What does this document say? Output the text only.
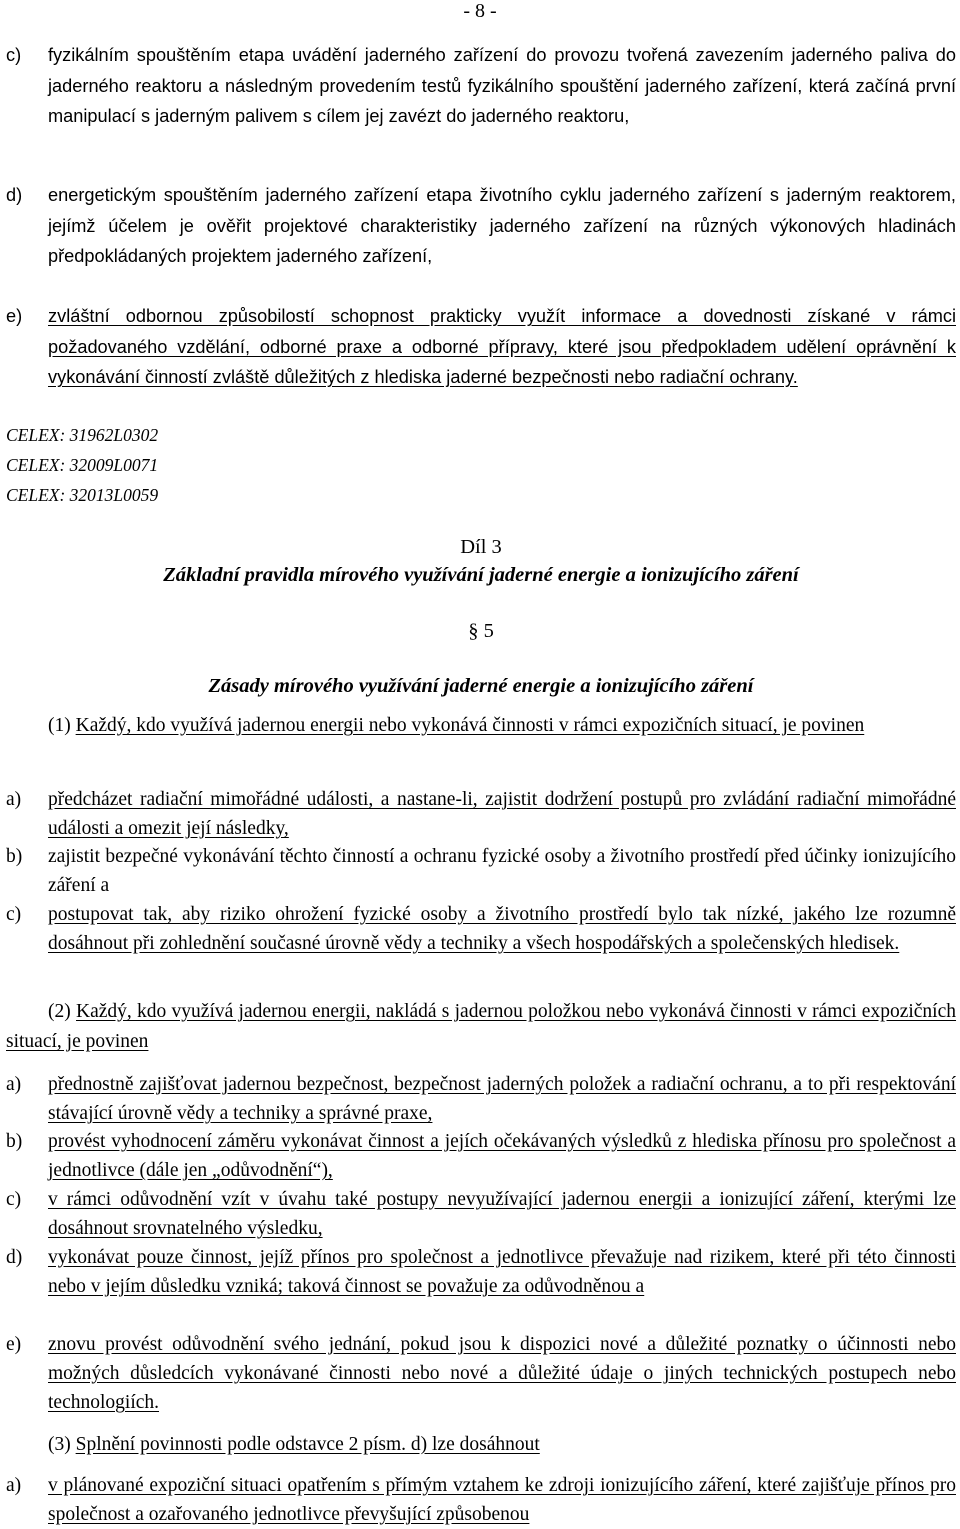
- 8 -
c) fyzikálním spouštěním etapa uvádění jaderného zařízení do provozu tvořená zavezením jaderného paliva do jaderného reaktoru a následným provedením testů fyzikálního spouštění jaderného zařízení, která začíná první manipulací s jaderným palivem s cílem jej zavézt do jaderného reaktoru,
d) energetickým spouštěním jaderného zařízení etapa životního cyklu jaderného zařízení s jaderným reaktorem, jejímž účelem je ověřit projektové charakteristiky jaderného zařízení na různých výkonových hladinách předpokládaných projektem jaderného zařízení,
e) zvláštní odbornou způsobilostí schopnost prakticky využít informace a dovednosti získané v rámci požadovaného vzdělání, odborné praxe a odborné přípravy, které jsou předpokladem udělení oprávnění k vykonávání činností zvláště důležitých z hlediska jaderné bezpečnosti nebo radiační ochrany.
CELEX: 31962L0302
CELEX: 32009L0071
CELEX: 32013L0059
Díl 3
Základní pravidla mírového využívání jaderné energie a ionizujícího záření
§ 5
Zásady mírového využívání jaderné energie a ionizujícího záření
(1) Každý, kdo využívá jadernou energii nebo vykonává činnosti v rámci expozičních situací, je povinen
a) předcházet radiační mimořádné události, a nastane-li, zajistit dodržení postupů pro zvládání radiační mimořádné události a omezit její následky,
b) zajistit bezpečné vykonávání těchto činností a ochranu fyzické osoby a životního prostředí před účinky ionizujícího záření a
c) postupovat tak, aby riziko ohrožení fyzické osoby a životního prostředí bylo tak nízké, jakého lze rozumně dosáhnout při zohlednění současné úrovně vědy a techniky a všech hospodářských a společenských hledisek.
(2) Každý, kdo využívá jadernou energii, nakládá s jadernou položkou nebo vykonává činnosti v rámci expozičních situací, je povinen
a) přednostně zajišťovat jadernou bezpečnost, bezpečnost jaderných položek a radiační ochranu, a to při respektování stávající úrovně vědy a techniky a správné praxe,
b) provést vyhodnocení záměru vykonávat činnost a jejích očekávaných výsledků z hlediska přínosu pro společnost a jednotlivce (dále jen „odůvodnění“),
c) v rámci odůvodnění vzít v úvahu také postupy nevyužívající jadernou energii a ionizující záření, kterými lze dosáhnout srovnatelného výsledku,
d) vykonávat pouze činnost, jejíž přínos pro společnost a jednotlivce převažuje nad rizikem, které při této činnosti nebo v jejím důsledku vzniká; taková činnost se považuje za odůvodněnou a
e) znovu provést odůvodnění svého jednání, pokud jsou k dispozici nové a důležité poznatky o účinnosti nebo možných důsledcích vykonávané činnosti nebo nové a důležité údaje o jiných technických postupech nebo technologiích.
(3) Splnění povinnosti podle odstavce 2 písm. d) lze dosáhnout
a) v plánované expoziční situaci opatřením s přímým vztahem ke zdroji ionizujícího záření, které zajišťuje přínos pro společnost a ozařovaného jednotlivce převyšující způsobenou
